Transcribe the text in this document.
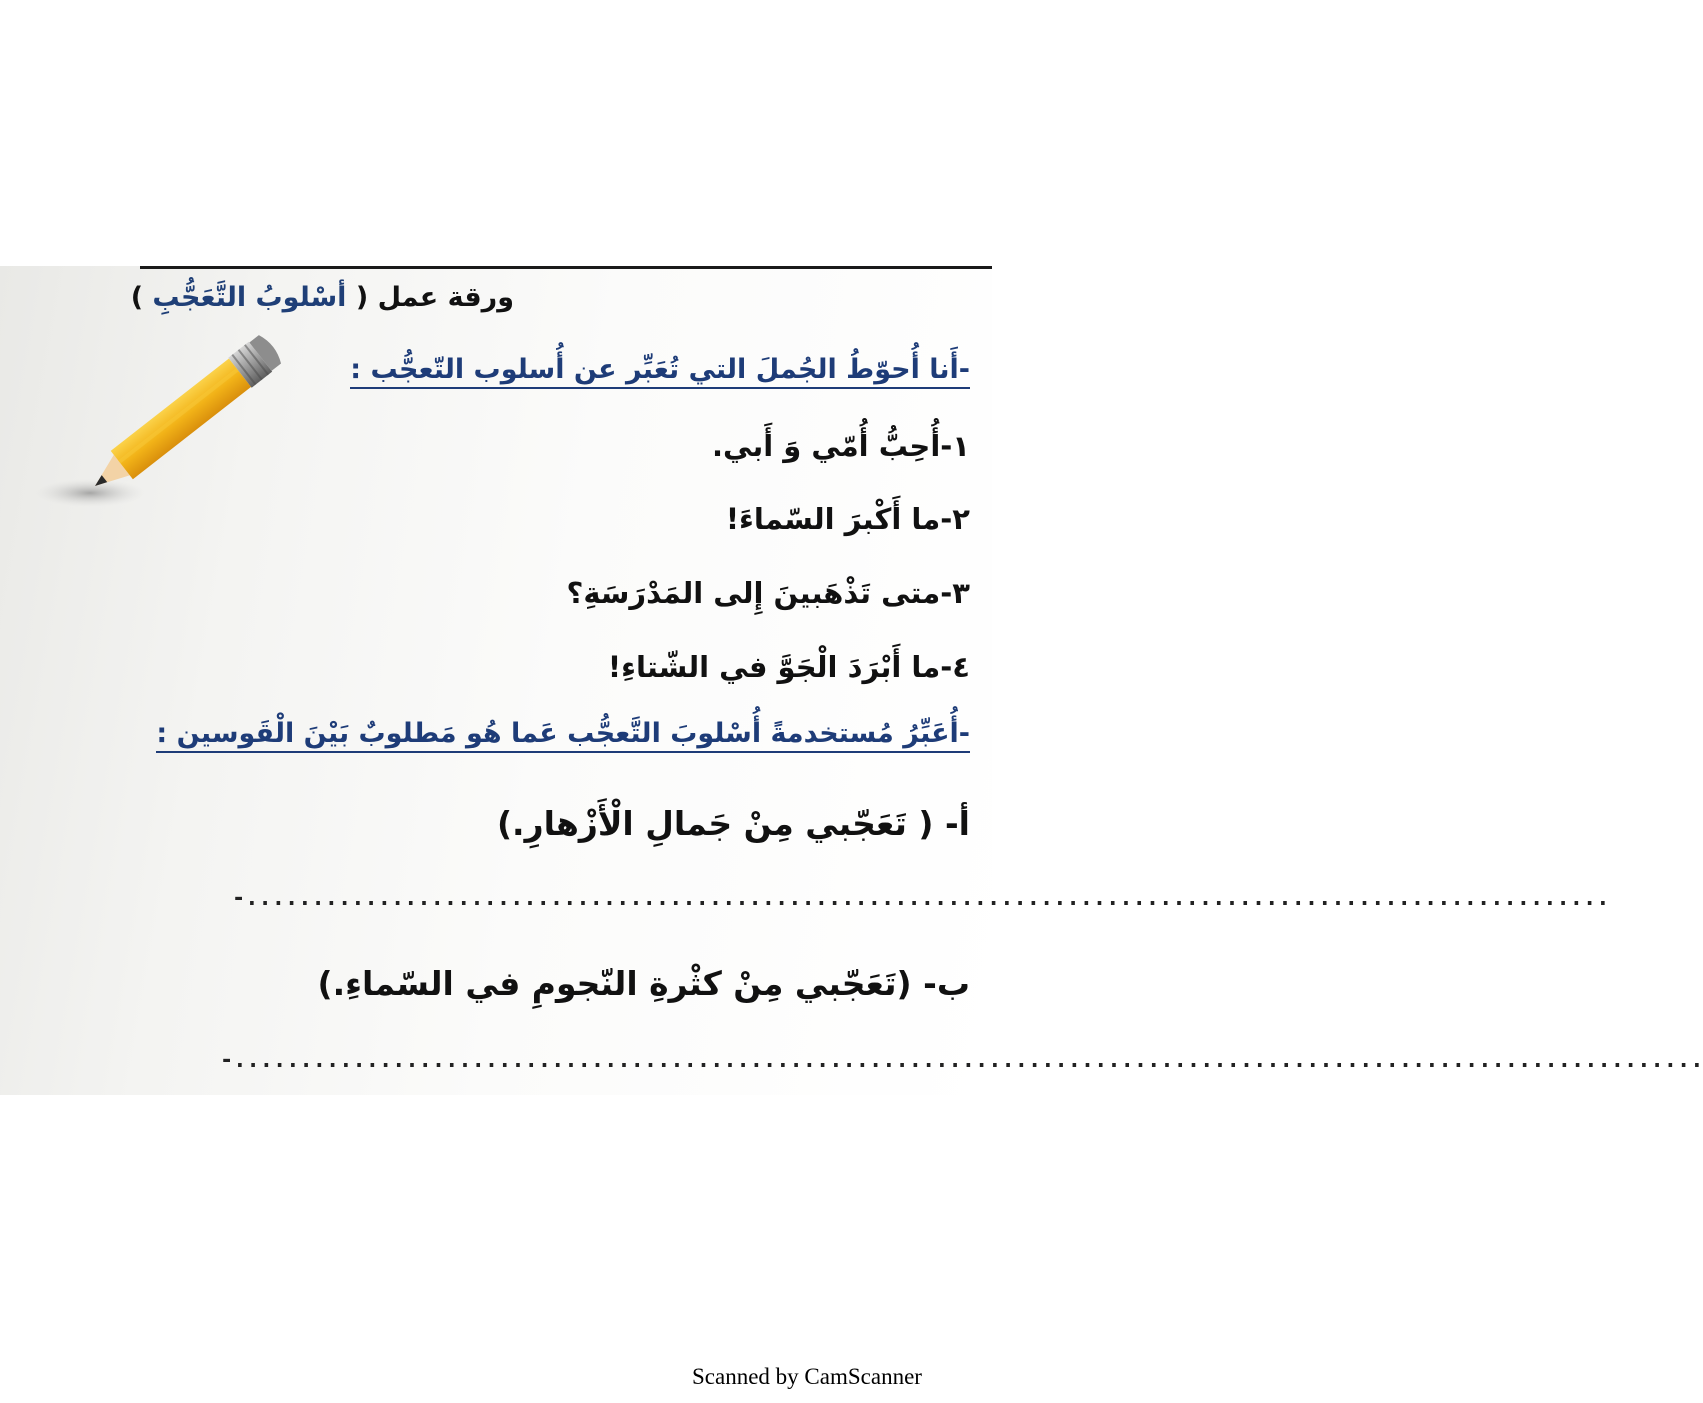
ورقة عمل ( أسْلوبُ التَّعَجُّبِ )
-أَنا أُحوّطُ الجُملَ التي تُعَبِّر عن أُسلوب التّعجُّب :
١-أُحِبُّ أُمّي وَ أَبي.
٢-ما أَكْبرَ السّماءَ!
٣-متى تَذْهَبينَ إِلى المَدْرَسَةِ؟
٤-ما أَبْرَدَ الْجَوَّ في الشّتاءِ!
-أُعَبِّرُ مُستخدمةً أُسْلوبَ التَّعجُّب عَما هُو مَطلوبٌ بَيْنَ الْقَوسين :
أ- ( تَعَجّبي مِنْ جَمالِ الْأَزْهارِ.)
-.......................................................................................................
ب- (تَعَجّبي مِنْ كثْرةِ النّجومِ في السّماءِ.)
-...............................................................................................................
Scanned by CamScanner
